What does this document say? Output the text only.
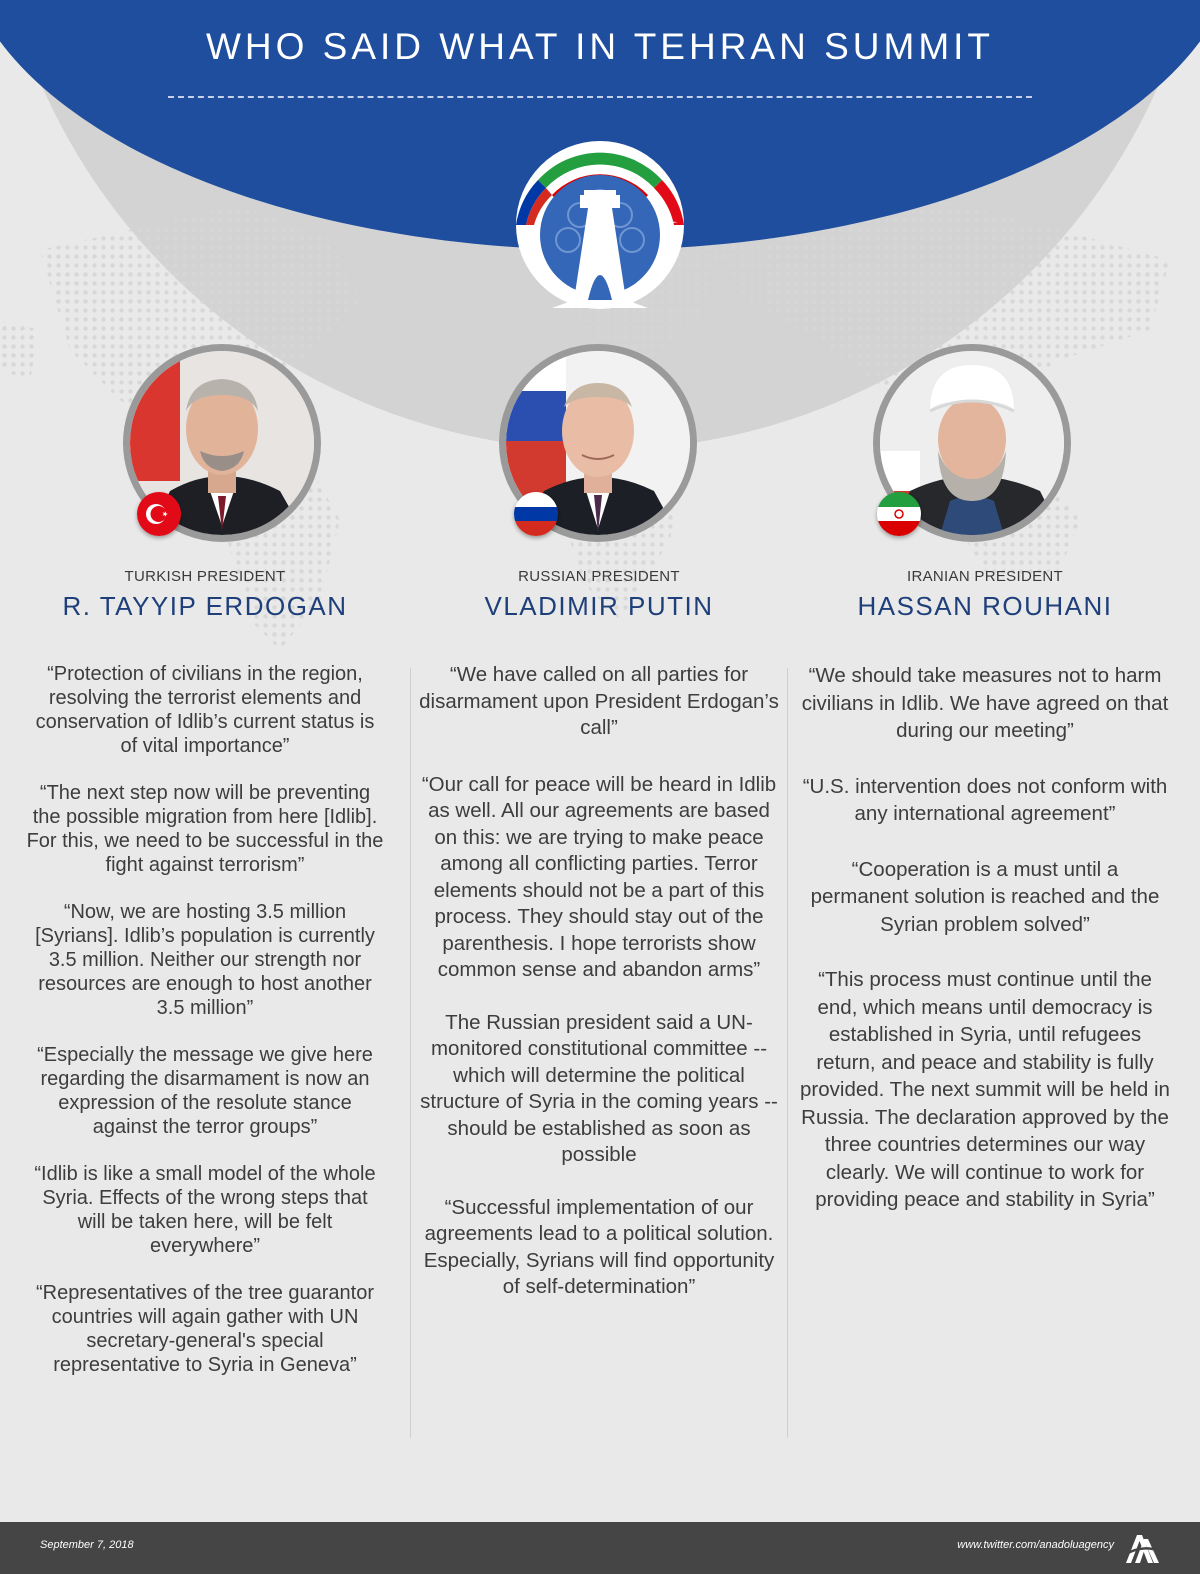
WHO SAID WHAT IN TEHRAN SUMMIT
☪
TURKISH PRESIDENT
R. TAYYIP ERDOGAN

“Protection of civilians in the region, resolving the terrorist elements and conservation of Idlib’s current status is of vital importance”

“The next step now will be preventing the possible migration from here [Idlib]. For this, we need to be successful in the fight against terrorism”

“Now, we are hosting 3.5 million [Syrians]. Idlib’s population is currently 3.5 million. Neither our strength nor resources are enough to host another 3.5 million”

“Especially the message we give here regarding the disarmament is now an expression of the resolute stance against the terror groups”

“Idlib is like a small model of the whole Syria. Effects of the wrong steps that will be taken here, will be felt everywhere”

“Representatives of the tree guarantor countries will again gather with UN secretary-general's special representative to Syria in Geneva”

RUSSIAN PRESIDENT
VLADIMIR PUTIN

“We have called on all parties for disarmament upon President Erdogan’s call”

“Our call for peace will be heard in Idlib as well. All our agreements are based on this: we are trying to make peace among all conflicting parties. Terror elements should not be a part of this process. They should stay out of the parenthesis. I hope terrorists show common sense and abandon arms”

The Russian president said a UN-monitored constitutional committee -- which will determine the political structure of Syria in the coming years -- should be established as soon as possible

“Successful implementation of our agreements lead to a political solution. Especially, Syrians will find opportunity of self-determination”

IRANIAN PRESIDENT
HASSAN ROUHANI

“We should take measures not to harm civilians in Idlib. We have agreed on that during our meeting”

“U.S. intervention does not conform with any international agreement”

“Cooperation is a must until a permanent solution is reached and the Syrian problem solved”

“This process must continue until the end, which means until democracy is established in Syria, until refugees return, and peace and stability is fully provided. The next summit will be held in Russia. The declaration approved by the three countries determines our way clearly. We will continue to work for providing peace and stability in Syria”

September 7, 2018	www.twitter.com/anadoluagency
